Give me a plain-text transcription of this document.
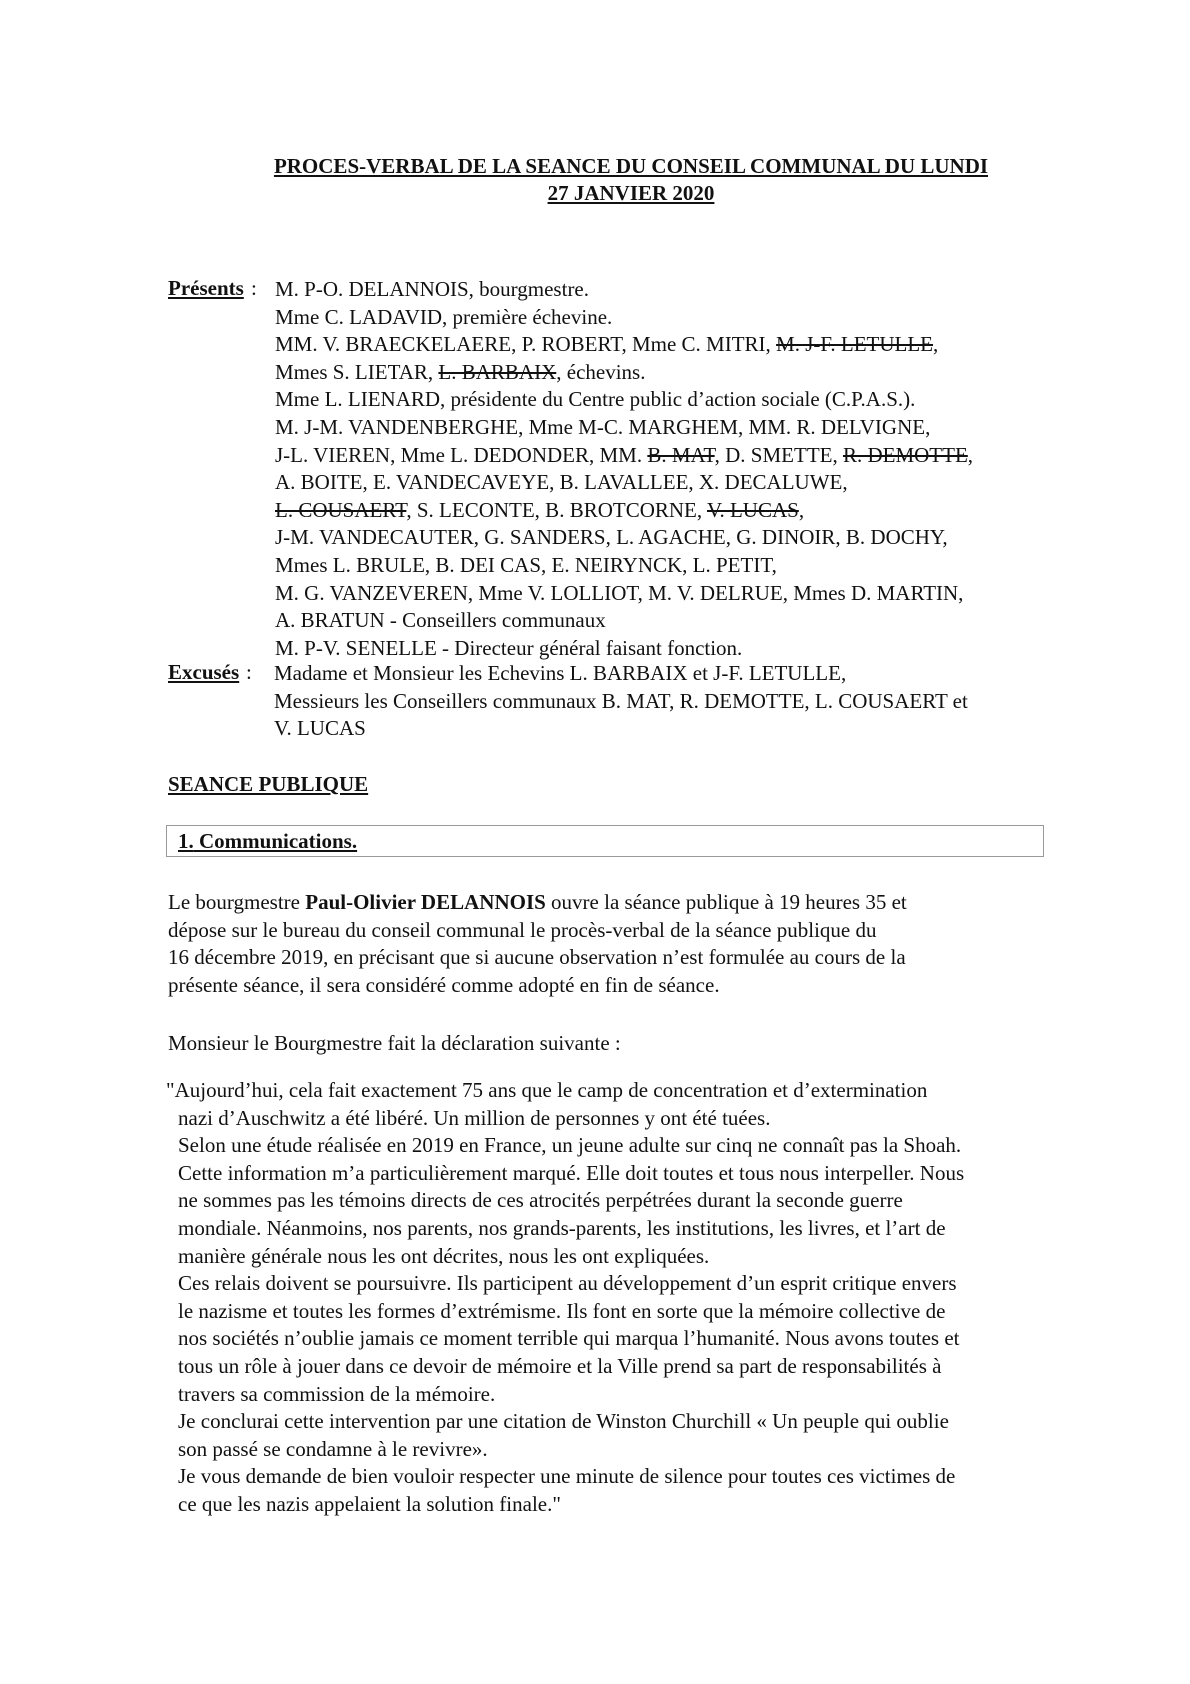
PROCES-VERBAL DE LA SEANCE DU CONSEIL COMMUNAL DU LUNDI
27 JANVIER 2020
Présents : M. P-O. DELANNOIS, bourgmestre.
Mme C. LADAVID, première échevine.
MM. V. BRAECKELAERE, P. ROBERT, Mme C. MITRI, M. J-F. LETULLE,
Mmes S. LIETAR, L. BARBAIX, échevins.
Mme L. LIENARD, présidente du Centre public d’action sociale (C.P.A.S.).
M. J-M. VANDENBERGHE, Mme M-C. MARGHEM, MM. R. DELVIGNE,
J-L. VIEREN, Mme L. DEDONDER, MM. B. MAT, D. SMETTE, R. DEMOTTE,
A. BOITE, E. VANDECAVEYE, B. LAVALLEE, X. DECALUWE,
L. COUSAERT, S. LECONTE, B. BROTCORNE, V. LUCAS,
J-M. VANDECAUTER, G. SANDERS, L. AGACHE, G. DINOIR, B. DOCHY,
Mmes L. BRULE, B. DEI CAS, E. NEIRYNCK, L. PETIT,
M. G. VANZEVEREN, Mme V. LOLLIOT, M. V. DELRUE, Mmes D. MARTIN,
A. BRATUN - Conseillers communaux
M. P-V. SENELLE - Directeur général faisant fonction.
Excusés : Madame et Monsieur les Echevins L. BARBAIX et J-F. LETULLE,
Messieurs les Conseillers communaux B. MAT, R. DEMOTTE, L. COUSAERT et
V. LUCAS
SEANCE PUBLIQUE
1. Communications.
Le bourgmestre Paul-Olivier DELANNOIS ouvre la séance publique à 19 heures 35 et
dépose sur le bureau du conseil communal le procès-verbal de la séance publique du
16 décembre 2019, en précisant que si aucune observation n’est formulée au cours de la
présente séance, il sera considéré comme adopté en fin de séance.
Monsieur le Bourgmestre fait la déclaration suivante :
"Aujourd’hui, cela fait exactement 75 ans que le camp de concentration et d’extermination
nazi d’Auschwitz a été libéré. Un million de personnes y ont été tuées.
Selon une étude réalisée en 2019 en France, un jeune adulte sur cinq ne connaît pas la Shoah.
Cette information m’a particulièrement marqué. Elle doit toutes et tous nous interpeller. Nous
ne sommes pas les témoins directs de ces atrocités perpétrées durant la seconde guerre
mondiale. Néanmoins, nos parents, nos grands-parents, les institutions, les livres, et l’art de
manière générale nous les ont décrites, nous les ont expliquées.
Ces relais doivent se poursuivre. Ils participent au développement d’un esprit critique envers
le nazisme et toutes les formes d’extrémisme. Ils font en sorte que la mémoire collective de
nos sociétés n’oublie jamais ce moment terrible qui marqua l’humanité. Nous avons toutes et
tous un rôle à jouer dans ce devoir de mémoire et la Ville prend sa part de responsabilités à
travers sa commission de la mémoire.
Je conclurai cette intervention par une citation de Winston Churchill « Un peuple qui oublie
son passé se condamne à le revivre».
Je vous demande de bien vouloir respecter une minute de silence pour toutes ces victimes de
ce que les nazis appelaient la solution finale."
